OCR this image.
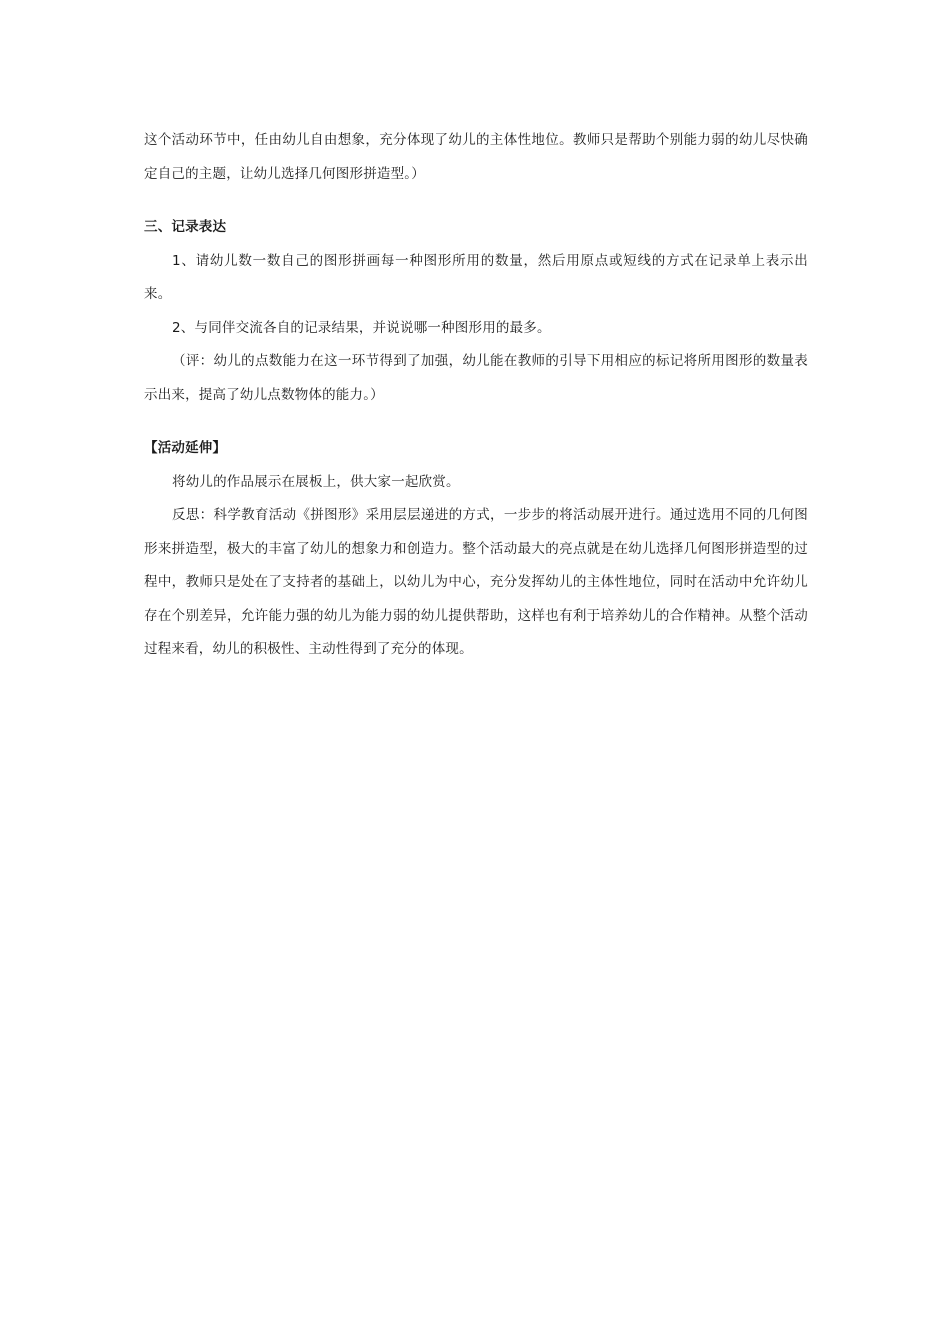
这个活动环节中，任由幼儿自由想象，充分体现了幼儿的主体性地位。教师只是帮助个别能力弱的幼儿尽快确定自己的主题，让幼儿选择几何图形拼造型。）

三、记录表达

1、请幼儿数一数自己的图形拼画每一种图形所用的数量，然后用原点或短线的方式在记录单上表示出来。

2、与同伴交流各自的记录结果，并说说哪一种图形用的最多。

（评：幼儿的点数能力在这一环节得到了加强，幼儿能在教师的引导下用相应的标记将所用图形的数量表示出来，提高了幼儿点数物体的能力。）

【活动延伸】

将幼儿的作品展示在展板上，供大家一起欣赏。

反思：科学教育活动《拼图形》采用层层递进的方式，一步步的将活动展开进行。通过选用不同的几何图形来拼造型，极大的丰富了幼儿的想象力和创造力。整个活动最大的亮点就是在幼儿选择几何图形拼造型的过程中，教师只是处在了支持者的基础上，以幼儿为中心，充分发挥幼儿的主体性地位，同时在活动中允许幼儿存在个别差异，允许能力强的幼儿为能力弱的幼儿提供帮助，这样也有利于培养幼儿的合作精神。从整个活动过程来看，幼儿的积极性、主动性得到了充分的体现。
